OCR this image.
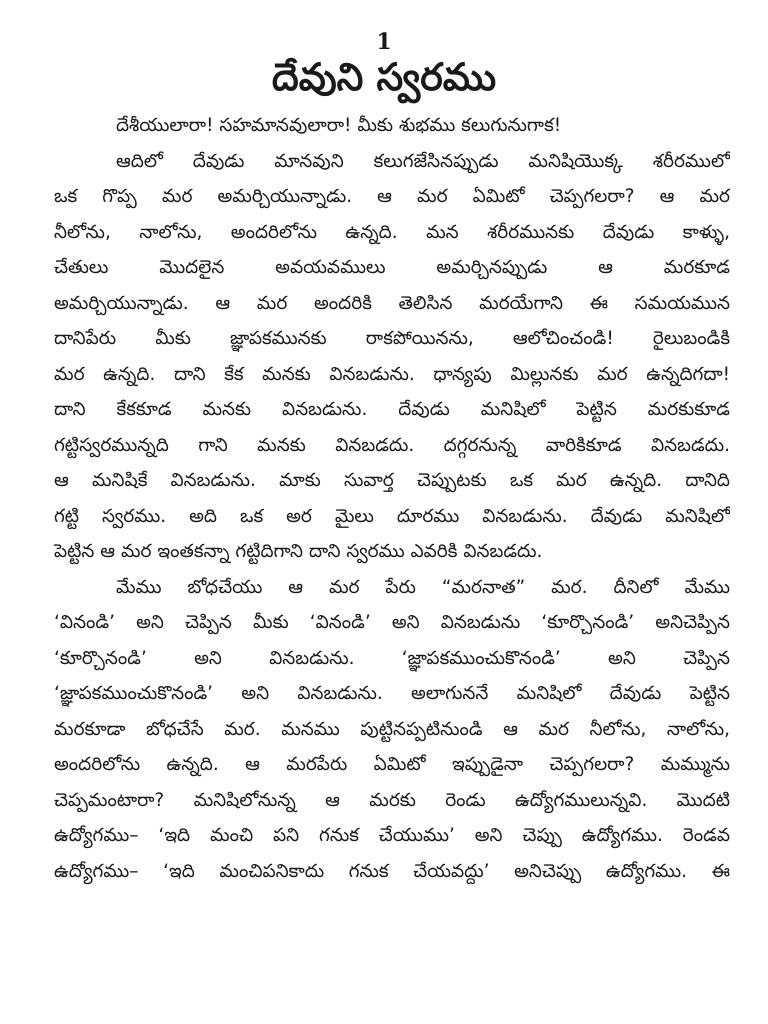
1
దేవుని స్వరము
దేశీయులారా! సహమానవులారా! మీకు శుభము కలుగునుగాక!
ఆదిలో దేవుడు మానవుని కలుగజేసినప్పుడు మనిషియొక్క శరీరములో
ఒక గొప్ప మర అమర్చియున్నాడు. ఆ మర ఏమిటో చెప్పగలరా? ఆ మర
నీలోను, నాలోను, అందరిలోను ఉన్నది. మన శరీరమునకు దేవుడు కాళ్ళు,
చేతులు మొదలైన అవయవములు అమర్చినప్పుడు ఆ మరకూడ
అమర్చియున్నాడు. ఆ మర అందరికి తెలిసిన మరయేగాని ఈ సమయమున
దానిపేరు మీకు జ్ఞాపకమునకు రాకపోయినను, ఆలోచించండి! రైలుబండికి
మర ఉన్నది. దాని కేక మనకు వినబడును. ధాన్యపు మిల్లునకు మర ఉన్నదిగదా!
దాని కేకకూడ మనకు వినబడును. దేవుడు మనిషిలో పెట్టిన మరకుకూడ
గట్టిస్వరమున్నది గాని మనకు వినబడదు. దగ్గరనున్న వారికికూడ వినబడదు.
ఆ మనిషికే వినబడును. మాకు సువార్త చెప్పుటకు ఒక మర ఉన్నది. దానిది
గట్టి స్వరము. అది ఒక అర మైలు దూరము వినబడును. దేవుడు మనిషిలో
పెట్టిన ఆ మర ఇంతకన్నా గట్టిదిగాని దాని స్వరము ఎవరికి వినబడదు.
మేము బోధచేయు ఆ మర పేరు “మరనాత” మర. దీనిలో మేము
‘వినండి’ అని చెప్పిన మీకు ‘వినండి’ అని వినబడును ‘కూర్చొనండి’ అనిచెప్పిన
‘కూర్చొనండి’ అని వినబడును. ‘జ్ఞాపకముంచుకొనండి’ అని చెప్పిన
‘జ్ఞాపకముంచుకొనండి’ అని వినబడును. అలాగుననే మనిషిలో దేవుడు పెట్టిన
మరకూడా బోధచేసే మర. మనము పుట్టినప్పటినుండి ఆ మర నీలోను, నాలోను,
అందరిలోను ఉన్నది. ఆ మరపేరు ఏమిటో ఇప్పుడైనా చెప్పగలరా? మమ్మును
చెప్పమంటారా? మనిషిలోనున్న ఆ మరకు రెండు ఉద్యోగములున్నవి. మొదటి
ఉద్యోగము– ‘ఇది మంచి పని గనుక చేయుము’ అని చెప్పు ఉద్యోగము. రెండవ
ఉద్యోగము– ‘ఇది మంచిపనికాదు గనుక చేయవద్దు’ అనిచెప్పు ఉద్యోగము. ఈ
